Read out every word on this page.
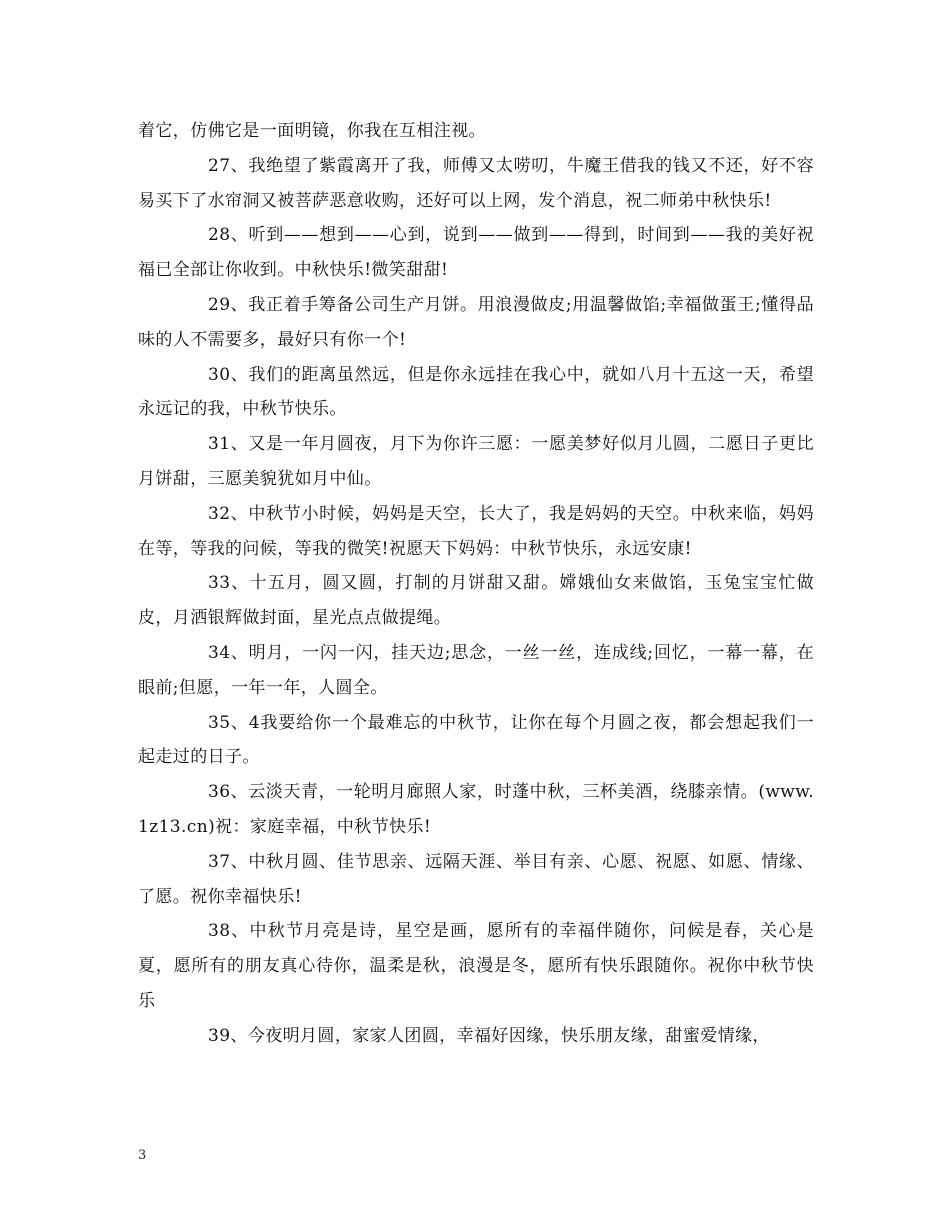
着它，仿佛它是一面明镜，你我在互相注视。

27、我绝望了紫霞离开了我，师傅又太唠叨，牛魔王借我的钱又不还，好不容易买下了水帘洞又被菩萨恶意收购，还好可以上网，发个消息，祝二师弟中秋快乐!

28、听到——想到——心到，说到——做到——得到，时间到——我的美好祝福已全部让你收到。中秋快乐!微笑甜甜!

29、我正着手筹备公司生产月饼。用浪漫做皮;用温馨做馅;幸福做蛋王;懂得品味的人不需要多，最好只有你一个!

30、我们的距离虽然远，但是你永远挂在我心中，就如八月十五这一天，希望永远记的我，中秋节快乐。

31、又是一年月圆夜，月下为你许三愿：一愿美梦好似月儿圆，二愿日子更比月饼甜，三愿美貌犹如月中仙。

32、中秋节小时候，妈妈是天空，长大了，我是妈妈的天空。中秋来临，妈妈在等，等我的问候，等我的微笑!祝愿天下妈妈：中秋节快乐，永远安康!

33、十五月，圆又圆，打制的月饼甜又甜。嫦娥仙女来做馅，玉兔宝宝忙做皮，月洒银辉做封面，星光点点做提绳。

34、明月，一闪一闪，挂天边;思念，一丝一丝，连成线;回忆，一幕一幕，在眼前;但愿，一年一年，人圆全。

35、4我要给你一个最难忘的中秋节，让你在每个月圆之夜，都会想起我们一起走过的日子。

36、云淡天青，一轮明月廊照人家，时蓬中秋，三杯美酒，绕膝亲情。(www.1z13.cn)祝：家庭幸福，中秋节快乐!

37、中秋月圆、佳节思亲、远隔天涯、举目有亲、心愿、祝愿、如愿、情缘、了愿。祝你幸福快乐!

38、中秋节月亮是诗，星空是画，愿所有的幸福伴随你，问候是春，关心是夏，愿所有的朋友真心待你，温柔是秋，浪漫是冬，愿所有快乐跟随你。祝你中秋节快乐

39、今夜明月圆，家家人团圆，幸福好因缘，快乐朋友缘，甜蜜爱情缘，

3
